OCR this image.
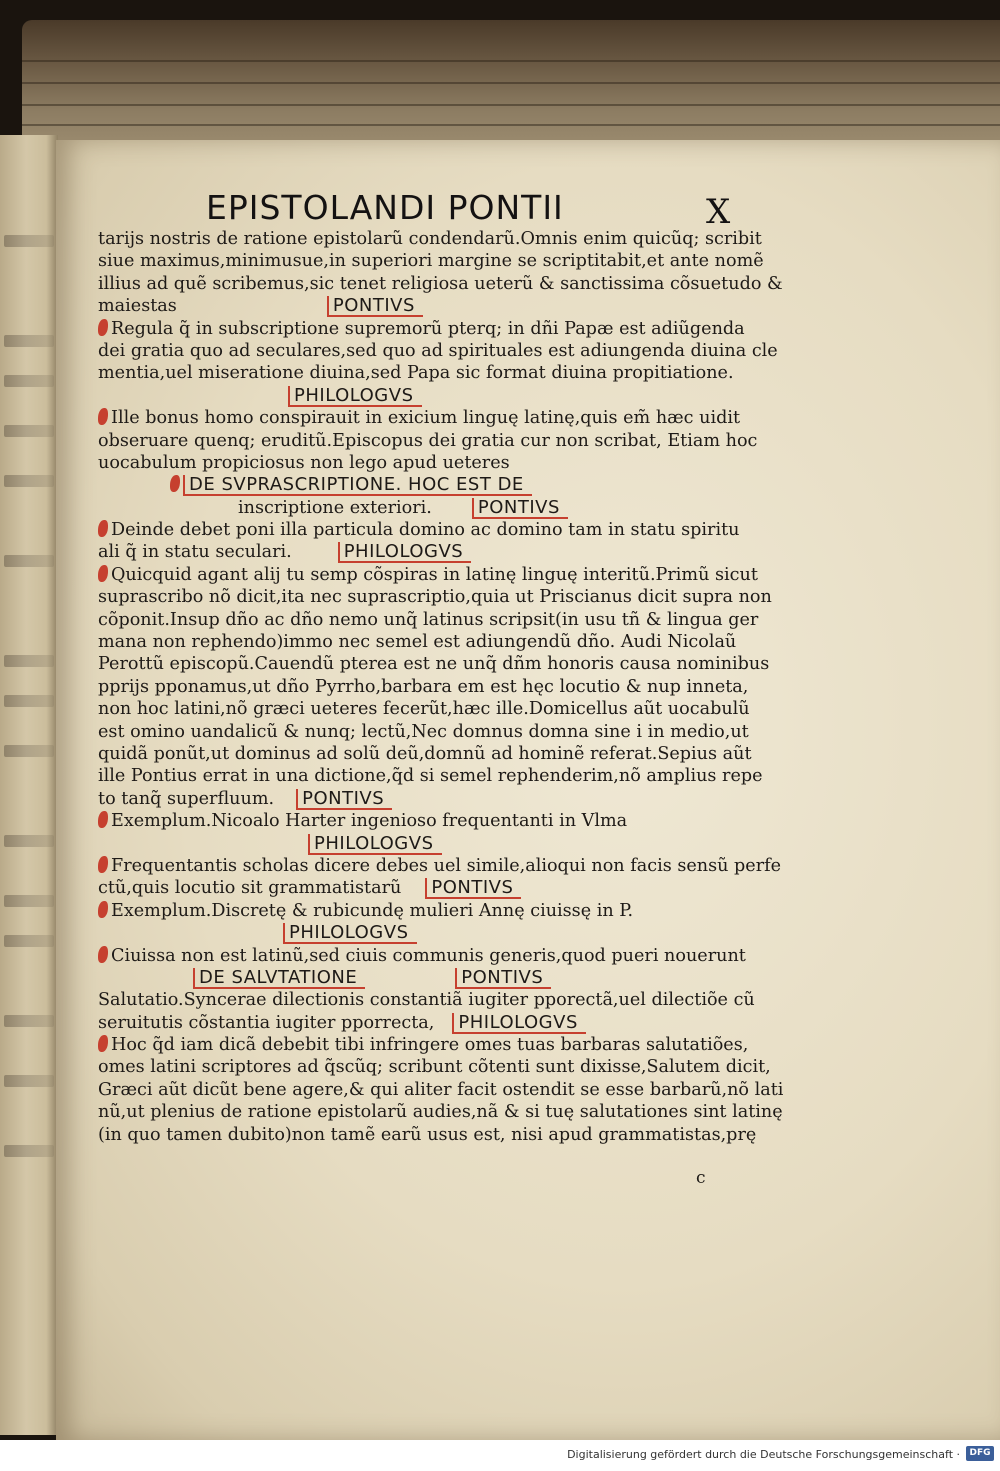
EPISTOLANDI PONTII	X
tarijs nostris de ratione epistolarũ condendarũ.Omnis enim quicũq; scribit
siue maximus,minimusue,in superiori margine se scriptitabit,et ante nomẽ
illius ad quẽ scribemus,sic tenet religiosa ueterũ & sanctissima cõsuetudo &
maiestas	PONTIVS
Regula q̃ in subscriptione supremorũ pterq; in dñi Papæ est adiũgenda
dei gratia quo ad seculares,sed quo ad spirituales est adiungenda diuina cle
mentia,uel miseratione diuina,sed Papa sic format diuina propitiatione.
PHILOLOGVS
Ille bonus homo conspirauit in exicium linguę latinę,quis em̃ hæc uidit
obseruare quenq; eruditũ.Episcopus dei gratia cur non scribat, Etiam hoc
uocabulum propiciosus non lego apud ueteres
DE SVPRASCRIPTIONE. HOC EST DE
inscriptione exteriori.	PONTIVS
Deinde debet poni illa particula domino ac domino tam in statu spiritu
ali q̃ in statu seculari.	PHILOLOGVS
Quicquid agant alij tu semp cõspiras in latinę linguę interitũ.Primũ sicut
suprascribo nõ dicit,ita nec suprascriptio,quia ut Priscianus dicit supra non
cõponit.Insup dño ac dño nemo unq̃ latinus scripsit(in usu tñ & lingua ger
mana non rephendo)immo nec semel est adiungendũ dño. Audi Nicolaũ
Perottũ episcopũ.Cauendũ pterea est ne unq̃ dñm honoris causa nominibus
pprijs pponamus,ut dño Pyrrho,barbara em est hęc locutio & nup inneta,
non hoc latini,nõ græci ueteres fecerũt,hæc ille.Domicellus aũt uocabulũ
est omino uandalicũ & nunq; lectũ,Nec domnus domna sine i in medio,ut
quidã ponũt,ut dominus ad solũ deũ,domnũ ad hominẽ referat.Sepius aũt
ille Pontius errat in una dictione,q̃d si semel rephenderim,nõ amplius repe
to tanq̃ superfluum. PONTIVS
Exemplum.Nicoalo Harter ingenioso frequentanti in Vlma
PHILOLOGVS
Frequentantis scholas dicere debes uel simile,alioqui non facis sensũ perfe
ctũ,quis locutio sit grammatistarũ PONTIVS
Exemplum.Discretę & rubicundę mulieri Annę ciuissę in P.
PHILOLOGVS
Ciuissa non est latinũ,sed ciuis communis generis,quod pueri nouerunt
DE SALVTATIONE	PONTIVS
Salutatio.Syncerae dilectionis constantiã iugiter pporectã,uel dilectiõe cũ
seruitutis cõstantia iugiter pporrecta, PHILOLOGVS
Hoc q̃d iam dicã debebit tibi infringere omes tuas barbaras salutatiões,
omes latini scriptores ad q̃scũq; scribunt cõtenti sunt dixisse,Salutem dicit,
Græci aũt dicũt bene agere,& qui aliter facit ostendit se esse barbarũ,nõ lati
nũ,ut plenius de ratione epistolarũ audies,nã & si tuę salutationes sint latinę
(in quo tamen dubito)non tamẽ earũ usus est, nisi apud grammatistas,prę
c
Digitalisierung gefördert durch die Deutsche Forschungsgemeinschaft ·	DFG
